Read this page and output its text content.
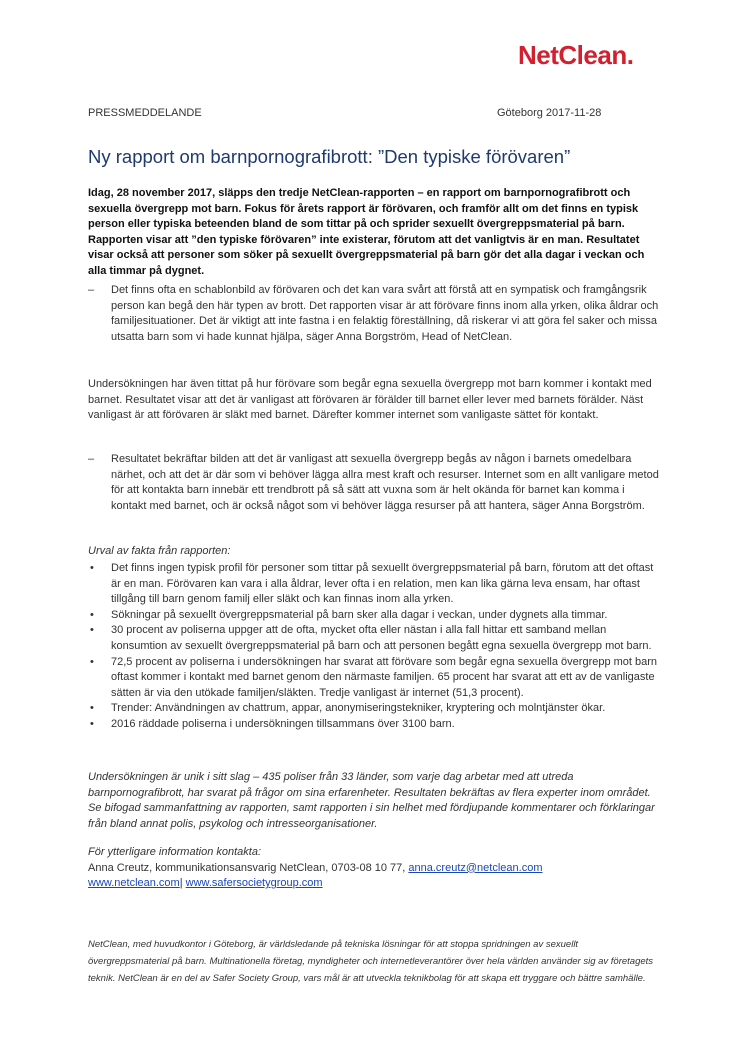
NetClean.
PRESSMEDDELANDE	Göteborg 2017-11-28
Ny rapport om barnpornografibrott: ”Den typiske förövaren”

Idag, 28 november 2017, släpps den tredje NetClean-rapporten – en rapport om barnpornografibrott och sexuella övergrepp mot barn. Fokus för årets rapport är förövaren, och framför allt om det finns en typisk person eller typiska beteenden bland de som tittar på och sprider sexuellt övergreppsmaterial på barn. Rapporten visar att ”den typiske förövaren” inte existerar, förutom att det vanligtvis är en man. Resultatet visar också att personer som söker på sexuellt övergreppsmaterial på barn gör det alla dagar i veckan och alla timmar på dygnet.

– Det finns ofta en schablonbild av förövaren och det kan vara svårt att förstå att en sympatisk och framgångsrik person kan begå den här typen av brott. Det rapporten visar är att förövare finns inom alla yrken, olika åldrar och familjesituationer. Det är viktigt att inte fastna i en felaktig föreställning, då riskerar vi att göra fel saker och missa utsatta barn som vi hade kunnat hjälpa, säger Anna Borgström, Head of NetClean.

Undersökningen har även tittat på hur förövare som begår egna sexuella övergrepp mot barn kommer i kontakt med barnet. Resultatet visar att det är vanligast att förövaren är förälder till barnet eller lever med barnets förälder. Näst vanligast är att förövaren är släkt med barnet. Därefter kommer internet som vanligaste sättet för kontakt.

– Resultatet bekräftar bilden att det är vanligast att sexuella övergrepp begås av någon i barnets omedelbara närhet, och att det är där som vi behöver lägga allra mest kraft och resurser. Internet som en allt vanligare metod för att kontakta barn innebär ett trendbrott på så sätt att vuxna som är helt okända för barnet kan komma i kontakt med barnet, och är också något som vi behöver lägga resurser på att hantera, säger Anna Borgström.

Urval av fakta från rapporten:
• Det finns ingen typisk profil för personer som tittar på sexuellt övergreppsmaterial på barn, förutom att det oftast är en man. Förövaren kan vara i alla åldrar, lever ofta i en relation, men kan lika gärna leva ensam, har oftast tillgång till barn genom familj eller släkt och kan finnas inom alla yrken.
• Sökningar på sexuellt övergreppsmaterial på barn sker alla dagar i veckan, under dygnets alla timmar.
• 30 procent av poliserna uppger att de ofta, mycket ofta eller nästan i alla fall hittar ett samband mellan konsumtion av sexuellt övergreppsmaterial på barn och att personen begått egna sexuella övergrepp mot barn.
• 72,5 procent av poliserna i undersökningen har svarat att förövare som begår egna sexuella övergrepp mot barn oftast kommer i kontakt med barnet genom den närmaste familjen. 65 procent har svarat att ett av de vanligaste sätten är via den utökade familjen/släkten. Tredje vanligast är internet (51,3 procent).
• Trender: Användningen av chattrum, appar, anonymiseringstekniker, kryptering och molntjänster ökar.
• 2016 räddade poliserna i undersökningen tillsammans över 3100 barn.

Undersökningen är unik i sitt slag – 435 poliser från 33 länder, som varje dag arbetar med att utreda barnpornografibrott, har svarat på frågor om sina erfarenheter. Resultaten bekräftas av flera experter inom området. Se bifogad sammanfattning av rapporten, samt rapporten i sin helhet med fördjupande kommentarer och förklaringar från bland annat polis, psykolog och intresseorganisationer.

För ytterligare information kontakta:
Anna Creutz, kommunikationsansvarig NetClean, 0703-08 10 77, anna.creutz@netclean.com
www.netclean.com| www.safersocietygroup.com

NetClean, med huvudkontor i Göteborg, är världsledande på tekniska lösningar för att stoppa spridningen av sexuellt övergreppsmaterial på barn. Multinationella företag, myndigheter och internetleverantörer över hela världen använder sig av företagets teknik. NetClean är en del av Safer Society Group, vars mål är att utveckla teknikbolag för att skapa ett tryggare och bättre samhälle.
